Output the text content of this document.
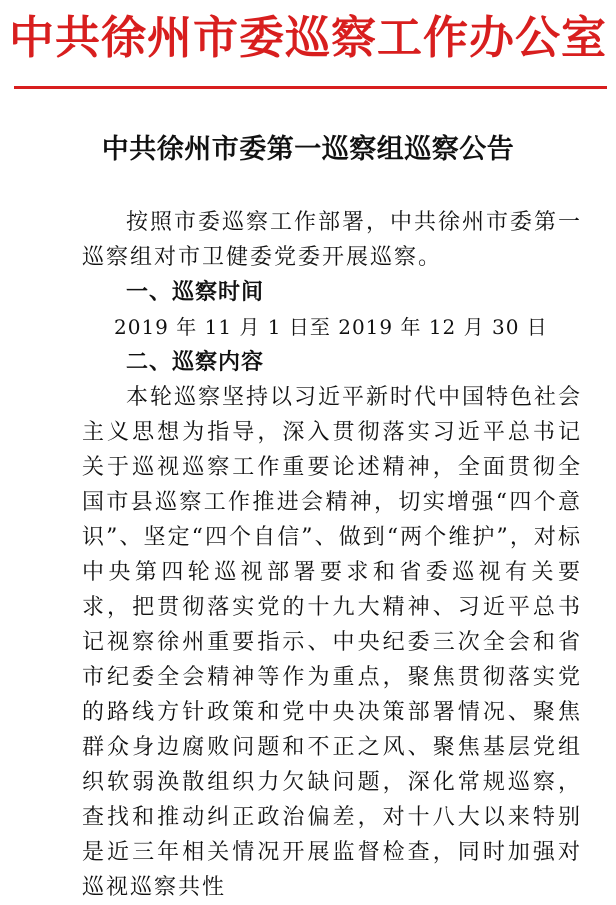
中共徐州市委巡察工作办公室
中共徐州市委第一巡察组巡察公告

按照市委巡察工作部署，中共徐州市委第一巡察组对市卫健委党委开展巡察。

一、巡察时间

2019 年 11 月 1 日至 2019 年 12 月 30 日

二、巡察内容

本轮巡察坚持以习近平新时代中国特色社会主义思想为指导，深入贯彻落实习近平总书记关于巡视巡察工作重要论述精神，全面贯彻全国市县巡察工作推进会精神，切实增强“四个意识”、坚定“四个自信”、做到“两个维护”，对标中央第四轮巡视部署要求和省委巡视有关要求，把贯彻落实党的十九大精神、习近平总书记视察徐州重要指示、中央纪委三次全会和省市纪委全会精神等作为重点，聚焦贯彻落实党的路线方针政策和党中央决策部署情况、聚焦群众身边腐败问题和不正之风、聚焦基层党组织软弱涣散组织力欠缺问题，深化常规巡察，查找和推动纠正政治偏差，对十八大以来特别是近三年相关情况开展监督检查，同时加强对巡视巡察共性
